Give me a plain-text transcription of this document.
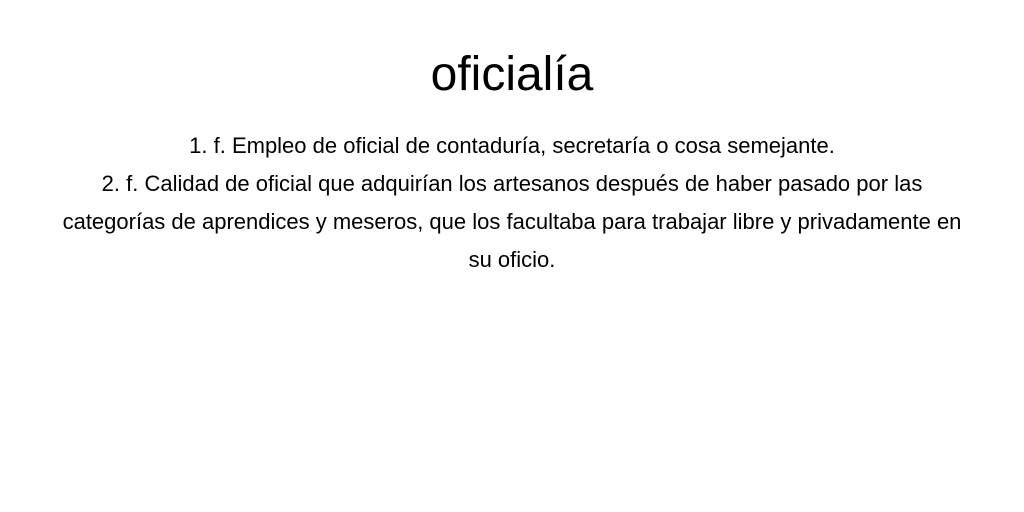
oficialía
1. f. Empleo de oficial de contaduría, secretaría o cosa semejante.
2. f. Calidad de oficial que adquirían los artesanos después de haber pasado por las categorías de aprendices y meseros, que los facultaba para trabajar libre y privadamente en su oficio.
